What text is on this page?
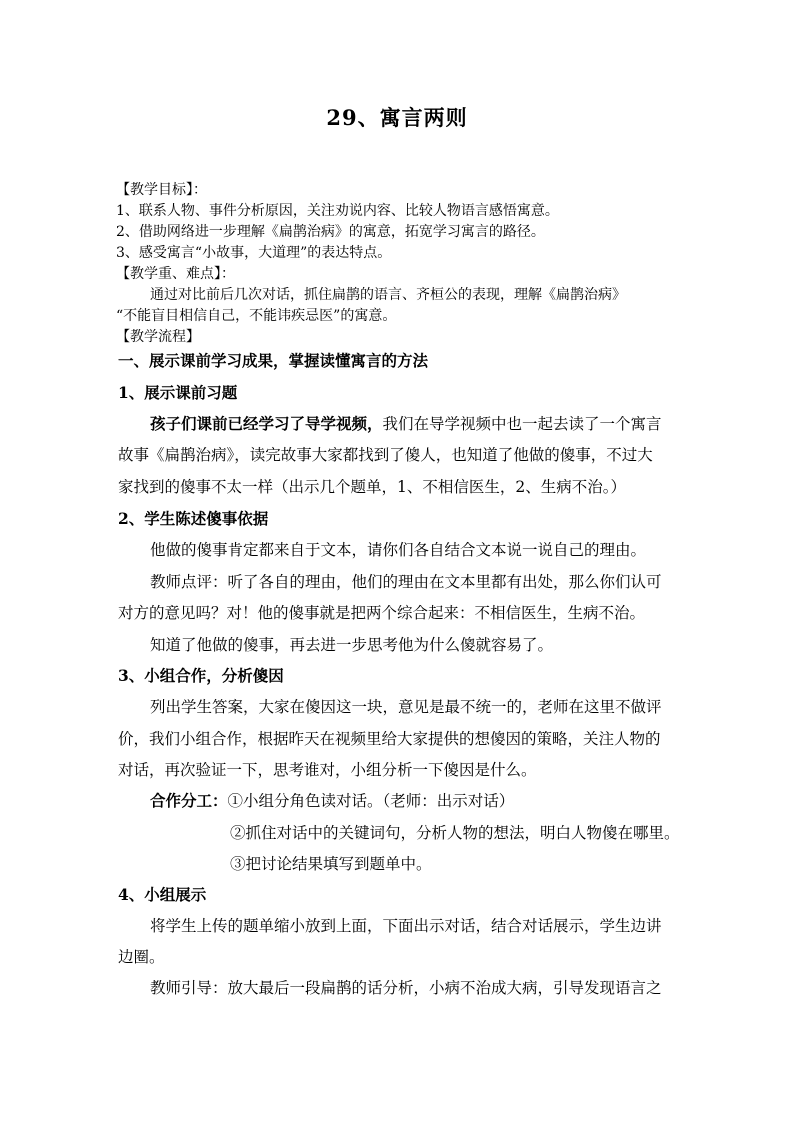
29、寓言两则
【教学目标】：
1、联系人物、事件分析原因，关注劝说内容、比较人物语言感悟寓意。
2、借助网络进一步理解《扁鹊治病》的寓意，拓宽学习寓言的路径。
3、感受寓言“小故事，大道理”的表达特点。
【教学重、难点】：
通过对比前后几次对话，抓住扁鹊的语言、齐桓公的表现，理解《扁鹊治病》
“不能盲目相信自己，不能讳疾忌医”的寓意。
【教学流程】
一、展示课前学习成果，掌握读懂寓言的方法
1、展示课前习题
孩子们课前已经学习了导学视频，我们在导学视频中也一起去读了一个寓言
故事《扁鹊治病》，读完故事大家都找到了傻人，也知道了他做的傻事，不过大
家找到的傻事不太一样（出示几个题单，1、不相信医生，2、生病不治。）
2、学生陈述傻事依据
他做的傻事肯定都来自于文本，请你们各自结合文本说一说自己的理由。
教师点评：听了各自的理由，他们的理由在文本里都有出处，那么你们认可
对方的意见吗？对！他的傻事就是把两个综合起来：不相信医生，生病不治。
知道了他做的傻事，再去进一步思考他为什么傻就容易了。
3、小组合作，分析傻因
列出学生答案，大家在傻因这一块，意见是最不统一的，老师在这里不做评
价，我们小组合作，根据昨天在视频里给大家提供的想傻因的策略，关注人物的
对话，再次验证一下，思考谁对，小组分析一下傻因是什么。
合作分工：①小组分角色读对话。（老师：出示对话）
②抓住对话中的关键词句，分析人物的想法，明白人物傻在哪里。
③把讨论结果填写到题单中。
4、小组展示
将学生上传的题单缩小放到上面，下面出示对话，结合对话展示，学生边讲
边圈。
教师引导：放大最后一段扁鹊的话分析，小病不治成大病，引导发现语言之
